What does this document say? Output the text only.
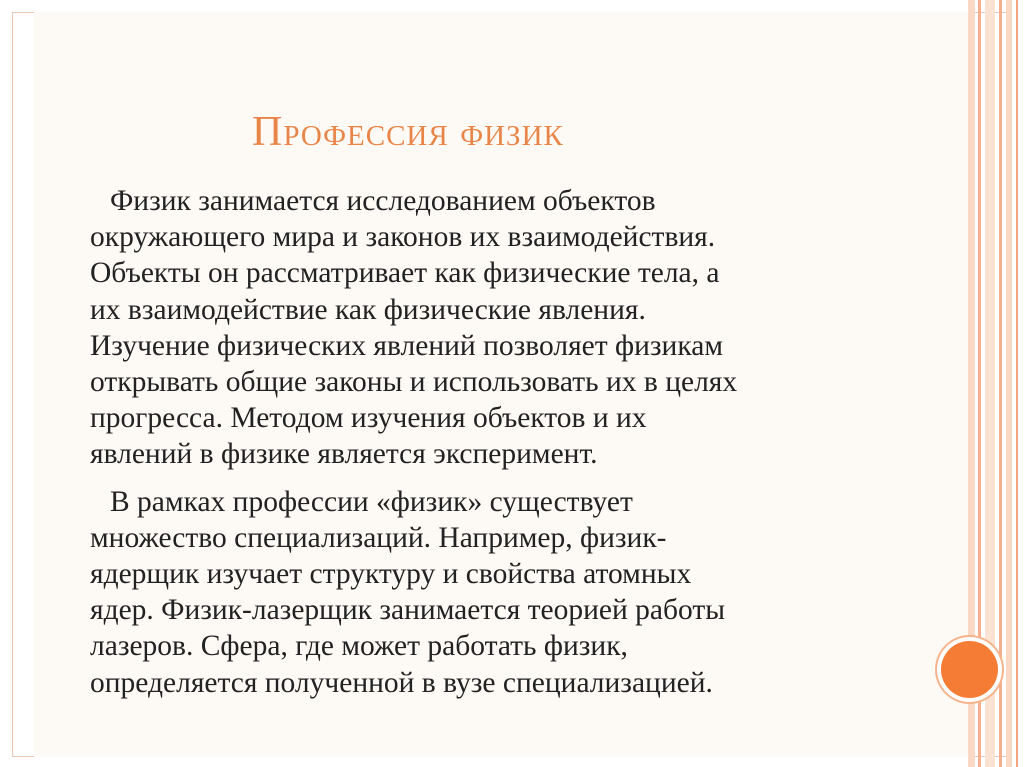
Профессия физик

Физик занимается исследованием объектов
окружающего мира и законов их взаимодействия.
Объекты он рассматривает как физические тела, а
их взаимодействие как физические явления.
Изучение физических явлений позволяет физикам
открывать общие законы и использовать их в целях
прогресса. Методом изучения объектов и их
явлений в физике является эксперимент.

В рамках профессии «физик» существует
множество специализаций. Например, физик-
ядерщик изучает структуру и свойства атомных
ядер. Физик-лазерщик занимается теорией работы
лазеров. Сфера, где может работать физик,
определяется полученной в вузе специализацией.
